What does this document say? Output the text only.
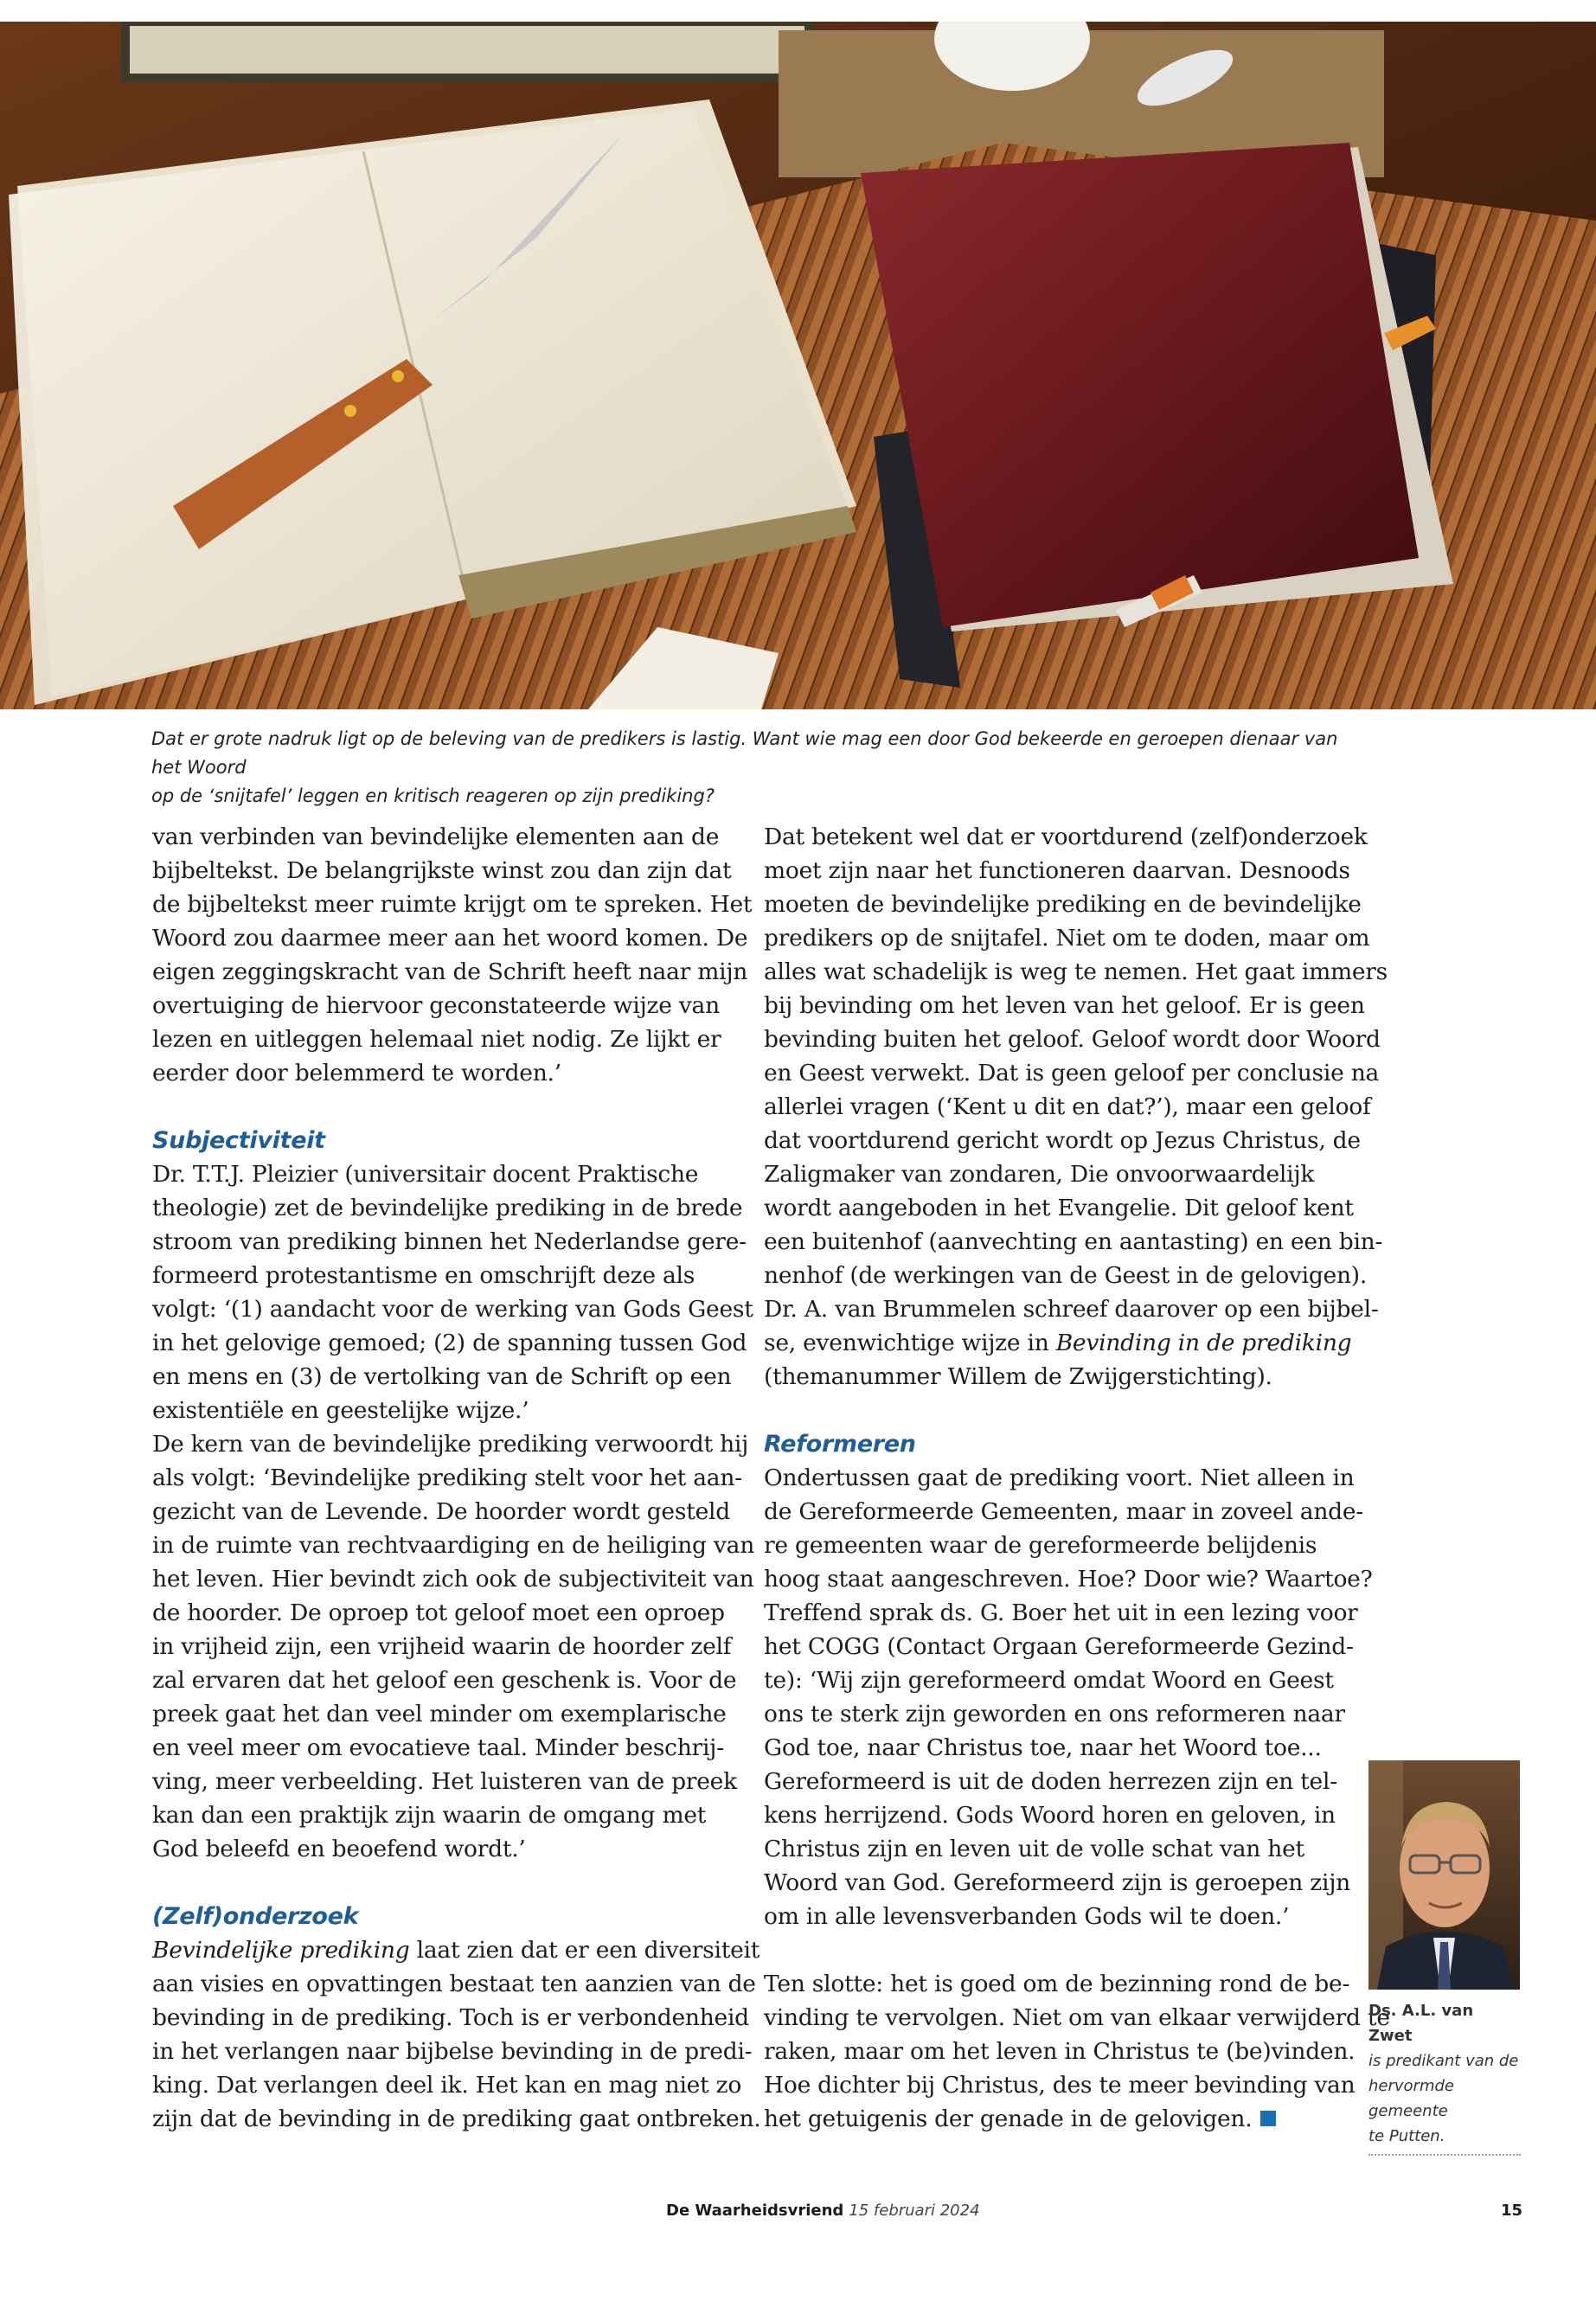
Dat er grote nadruk ligt op de beleving van de predikers is lastig. Want wie mag een door God bekeerde en geroepen dienaar van het Woord
op de ‘snijtafel’ leggen en kritisch reageren op zijn prediking?
van verbinden van bevindelijke elementen aan de
bijbeltekst. De belangrijkste winst zou dan zijn dat
de bijbeltekst meer ruimte krijgt om te spreken. Het
Woord zou daarmee meer aan het woord komen. De
eigen zeggingskracht van de Schrift heeft naar mijn
overtuiging de hiervoor geconstateerde wijze van
lezen en uitleggen helemaal niet nodig. Ze lijkt er
eerder door belemmerd te worden.’
Subjectiviteit
Dr. T.T.J. Pleizier (universitair docent Praktische
theologie) zet de bevindelijke prediking in de brede
stroom van prediking binnen het Nederlandse gere-
formeerd protestantisme en omschrijft deze als
volgt: ‘(1) aandacht voor de werking van Gods Geest
in het gelovige gemoed; (2) de spanning tussen God
en mens en (3) de vertolking van de Schrift op een
existentiële en geestelijke wijze.’
De kern van de bevindelijke prediking verwoordt hij
als volgt: ‘Bevindelijke prediking stelt voor het aan-
gezicht van de Levende. De hoorder wordt gesteld
in de ruimte van rechtvaardiging en de heiliging van
het leven. Hier bevindt zich ook de subjectiviteit van
de hoorder. De oproep tot geloof moet een oproep
in vrijheid zijn, een vrijheid waarin de hoorder zelf
zal ervaren dat het geloof een geschenk is. Voor de
preek gaat het dan veel minder om exemplarische
en veel meer om evocatieve taal. Minder beschrij-
ving, meer verbeelding. Het luisteren van de preek
kan dan een praktijk zijn waarin de omgang met
God beleefd en beoefend wordt.’
(Zelf)onderzoek
Bevindelijke prediking laat zien dat er een diversiteit
aan visies en opvattingen bestaat ten aanzien van de
bevinding in de prediking. Toch is er verbondenheid
in het verlangen naar bijbelse bevinding in de predi-
king. Dat verlangen deel ik. Het kan en mag niet zo
zijn dat de bevinding in de prediking gaat ontbreken.
Dat betekent wel dat er voortdurend (zelf)onderzoek
moet zijn naar het functioneren daarvan. Desnoods
moeten de bevindelijke prediking en de bevindelijke
predikers op de snijtafel. Niet om te doden, maar om
alles wat schadelijk is weg te nemen. Het gaat immers
bij bevinding om het leven van het geloof. Er is geen
bevinding buiten het geloof. Geloof wordt door Woord
en Geest verwekt. Dat is geen geloof per conclusie na
allerlei vragen (‘Kent u dit en dat?’), maar een geloof
dat voortdurend gericht wordt op Jezus Christus, de
Zaligmaker van zondaren, Die onvoorwaardelijk
wordt aangeboden in het Evangelie. Dit geloof kent
een buitenhof (aanvechting en aantasting) en een bin-
nenhof (de werkingen van de Geest in de gelovigen).
Dr. A. van Brummelen schreef daarover op een bijbel-
se, evenwichtige wijze in Bevinding in de prediking
(themanummer Willem de Zwijgerstichting).
Reformeren
Ondertussen gaat de prediking voort. Niet alleen in
de Gereformeerde Gemeenten, maar in zoveel ande-
re gemeenten waar de gereformeerde belijdenis
hoog staat aangeschreven. Hoe? Door wie? Waartoe?
Treffend sprak ds. G. Boer het uit in een lezing voor
het COGG (Contact Orgaan Gereformeerde Gezind-
te): ‘Wij zijn gereformeerd omdat Woord en Geest
ons te sterk zijn geworden en ons reformeren naar
God toe, naar Christus toe, naar het Woord toe...
Gereformeerd is uit de doden herrezen zijn en tel-
kens herrijzend. Gods Woord horen en geloven, in
Christus zijn en leven uit de volle schat van het
Woord van God. Gereformeerd zijn is geroepen zijn
om in alle levensverbanden Gods wil te doen.’
Ten slotte: het is goed om de bezinning rond de be-
vinding te vervolgen. Niet om van elkaar verwijderd te
raken, maar om het leven in Christus te (be)vinden.
Hoe dichter bij Christus, des te meer bevinding van
het getuigenis der genade in de gelovigen.
Ds. A.L. van Zwet
is predikant van de
hervormde gemeente
te Putten.
De Waarheidsvriend 15 februari 2024	15
